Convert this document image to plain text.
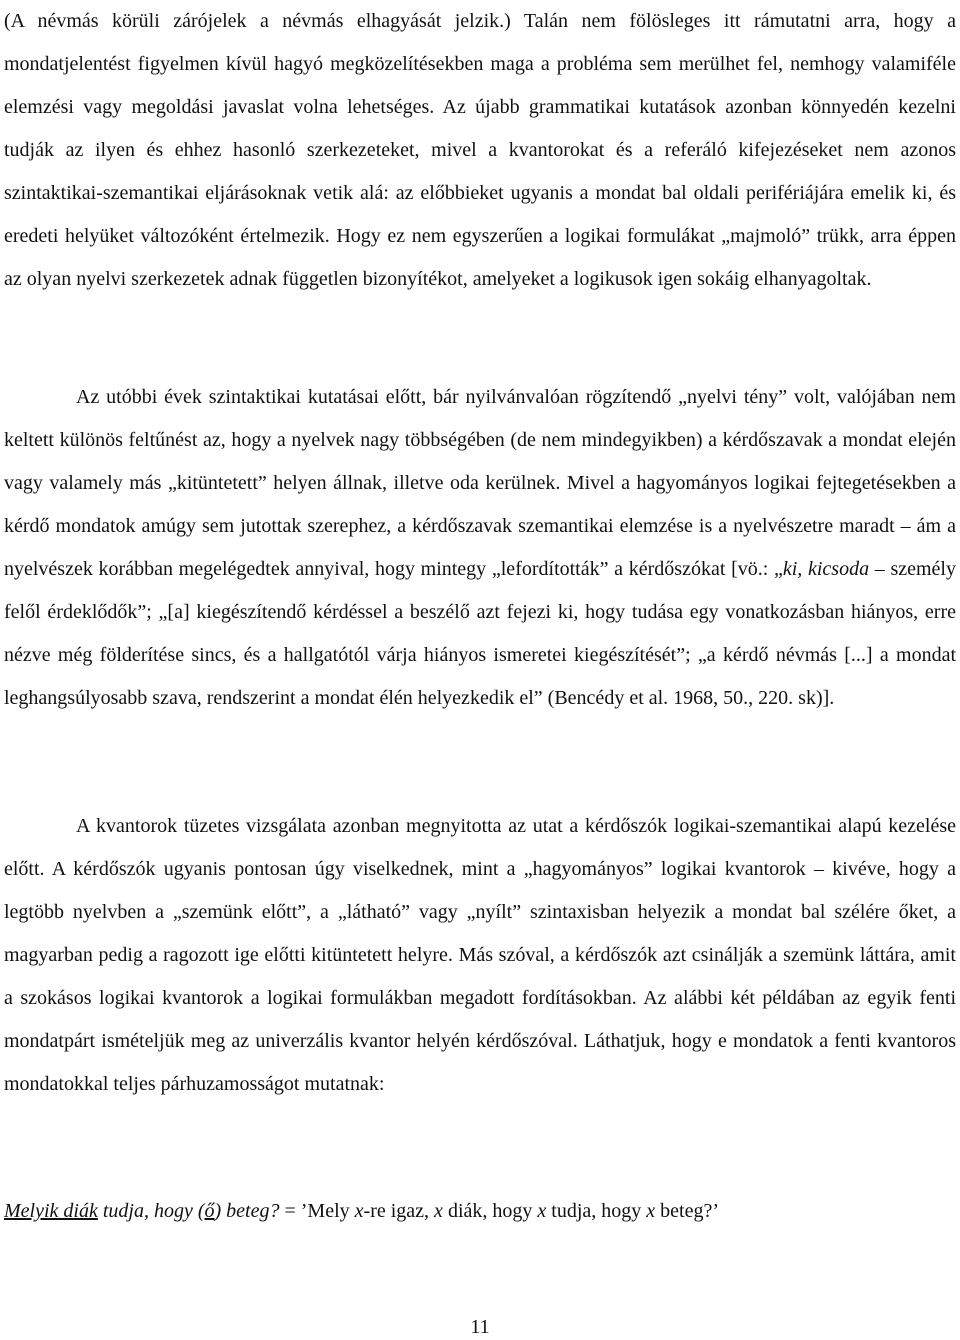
(A névmás körüli zárójelek a névmás elhagyását jelzik.) Talán nem fölösleges itt rámutatni arra, hogy a mondatjelentést figyelmen kívül hagyó megközelítésekben maga a probléma sem merülhet fel, nemhogy valamiféle elemzési vagy megoldási javaslat volna lehetséges. Az újabb grammatikai kutatások azonban könnyedén kezelni tudják az ilyen és ehhez hasonló szerkezeteket, mivel a kvantorokat és a referáló kifejezéseket nem azonos szintaktikai-szemantikai eljárásoknak vetik alá: az előbbieket ugyanis a mondat bal oldali perifériájára emelik ki, és eredeti helyüket változóként értelmezik. Hogy ez nem egyszerűen a logikai formulákat „majmoló” trükk, arra éppen az olyan nyelvi szerkezetek adnak független bizonyítékot, amelyeket a logikusok igen sokáig elhanyagoltak.

Az utóbbi évek szintaktikai kutatásai előtt, bár nyilvánvalóan rögzítendő „nyelvi tény” volt, valójában nem keltett különös feltűnést az, hogy a nyelvek nagy többségében (de nem mindegyikben) a kérdőszavak a mondat elején vagy valamely más „kitüntetett” helyen állnak, illetve oda kerülnek. Mivel a hagyományos logikai fejtegetésekben a kérdő mondatok amúgy sem jutottak szerephez, a kérdőszavak szemantikai elemzése is a nyelvészetre maradt – ám a nyelvészek korábban megelégedtek annyival, hogy mintegy „lefordították” a kérdőszókat [vö.: „ki, kicsoda – személy felől érdeklődők”; „[a] kiegészítendő kérdéssel a beszélő azt fejezi ki, hogy tudása egy vonatkozásban hiányos, erre nézve még földerítése sincs, és a hallgatótól várja hiányos ismeretei kiegészítését”; „a kérdő névmás [...] a mondat leghangsúlyosabb szava, rendszerint a mondat élén helyezkedik el” (Bencédy et al. 1968, 50., 220. sk)].

A kvantorok tüzetes vizsgálata azonban megnyitotta az utat a kérdőszók logikai-szemantikai alapú kezelése előtt. A kérdőszók ugyanis pontosan úgy viselkednek, mint a „hagyományos” logikai kvantorok – kivéve, hogy a legtöbb nyelvben a „szemünk előtt”, a „látható” vagy „nyílt” szintaxisban helyezik a mondat bal szélére őket, a magyarban pedig a ragozott ige előtti kitüntetett helyre. Más szóval, a kérdőszók azt csinálják a szemünk láttára, amit a szokásos logikai kvantorok a logikai formulákban megadott fordításokban. Az alábbi két példában az egyik fenti mondatpárt ismételjük meg az univerzális kvantor helyén kérdőszóval. Láthatjuk, hogy e mondatok a fenti kvantoros mondatokkal teljes párhuzamosságot mutatnak:

Melyik diák tudja, hogy (ő) beteg? = ’Mely x-re igaz, x diák, hogy x tudja, hogy x beteg?’

11
